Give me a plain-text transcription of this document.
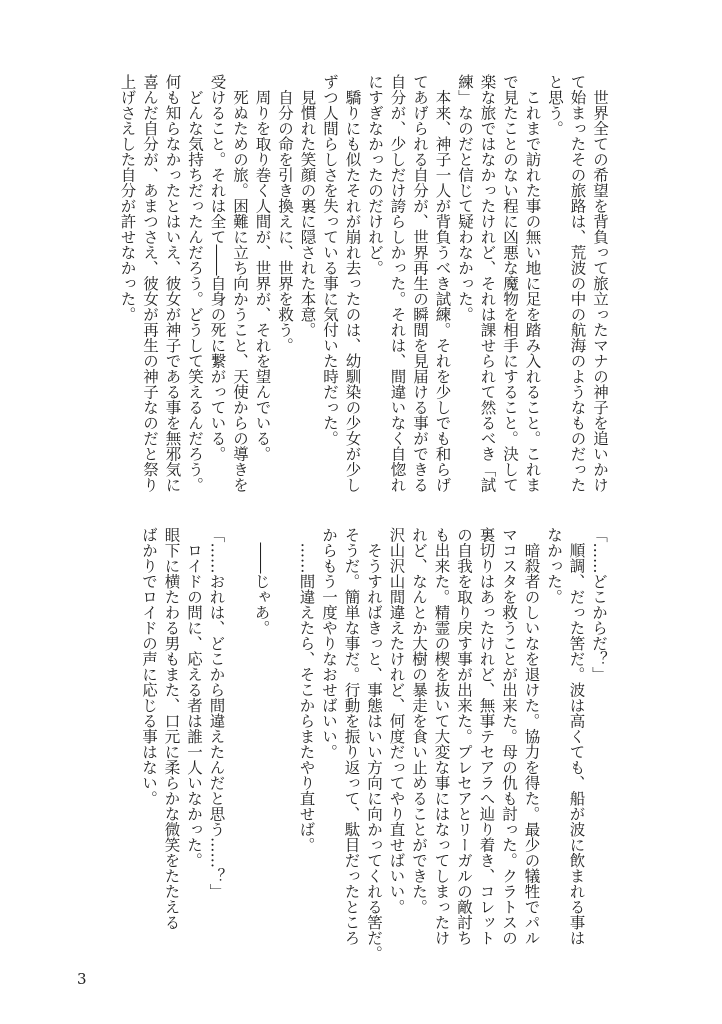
　世界全ての希望を背負って旅立ったマナの神子を追いかけ
て始まったその旅路は、荒波の中の航海のようなものだった
と思う。
　これまで訪れた事の無い地に足を踏み入れること。これま
で見たことのない程に凶悪な魔物を相手にすること。決して
楽な旅ではなかったけれど、それは課せられて然るべき「試
練」なのだと信じて疑わなかった。
　本来、神子一人が背負うべき試練。それを少しでも和らげ
てあげられる自分が、世界再生の瞬間を見届ける事ができる
自分が、少しだけ誇らしかった。それは、間違いなく自惚れ
にすぎなかったのだけれど。
　驕りにも似たそれが崩れ去ったのは、幼馴染の少女が少し
ずつ人間らしさを失っている事に気付いた時だった。
　見慣れた笑顔の裏に隠された本意。
　自分の命を引き換えに、世界を救う。
　周りを取り巻く人間が、世界が、それを望んでいる。
　死ぬための旅。困難に立ち向かうこと、天使からの導きを
受けること。それは全て――自身の死に繋がっている。
　どんな気持ちだったんだろう。どうして笑えるんだろう。
何も知らなかったとはいえ、彼女が神子である事を無邪気に
喜んだ自分が、あまつさえ、彼女が再生の神子なのだと祭り
上げさえした自分が許せなかった。
「……どこからだ？」
　順調、だった筈だ。波は高くても、船が波に飲まれる事は
なかった。
　暗殺者のしいなを退けた。協力を得た。最少の犠牲でパル
マコスタを救うことが出来た。母の仇も討った。クラトスの
裏切りはあったけれど、無事テセアラへ辿り着き、コレット
の自我を取り戻す事が出来た。プレセアとリーガルの敵討ち
も出来た。精霊の楔を抜いて大変な事にはなってしまったけ
れど、なんとか大樹の暴走を食い止めることができた。
沢山沢山間違えたけれど、何度だってやり直せばいい。
　そうすればきっと、事態はいい方向に向かってくれる筈だ。
そうだ。簡単な事だ。行動を振り返って、駄目だったところ
からもう一度やりなおせばいい。
　……間違えたら、そこからまたやり直せば。

　――じゃあ。

「……おれは、どこから間違えたんだと思う……？」
　ロイドの問に、応える者は誰一人いなかった。
眼下に横たわる男もまた、口元に柔らかな微笑をたたえる
ばかりでロイドの声に応じる事はない。
3
